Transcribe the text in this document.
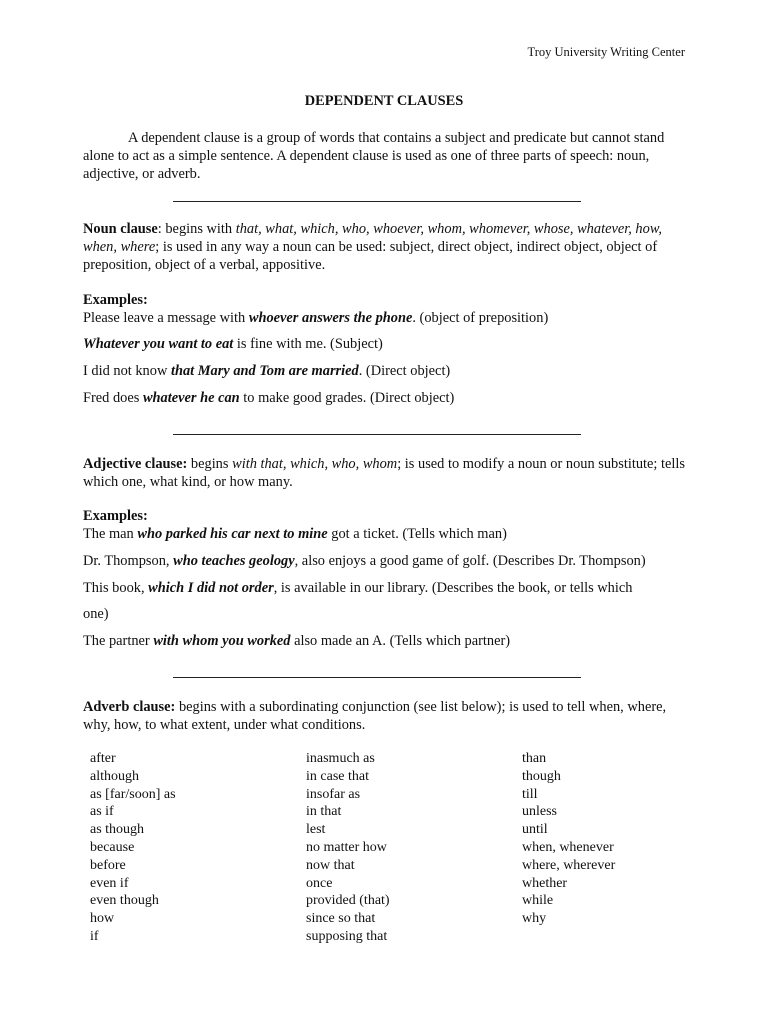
Troy University Writing Center
DEPENDENT CLAUSES
A dependent clause is a group of words that contains a subject and predicate but cannot stand alone to act as a simple sentence. A dependent clause is used as one of three parts of speech: noun, adjective, or adverb.
Noun clause: begins with that, what, which, who, whoever, whom, whomever, whose, whatever, how, when, where; is used in any way a noun can be used: subject, direct object, indirect object, object of preposition, object of a verbal, appositive.
Examples:
Please leave a message with whoever answers the phone. (object of preposition)
Whatever you want to eat is fine with me. (Subject)
I did not know that Mary and Tom are married. (Direct object)
Fred does whatever he can to make good grades. (Direct object)
Adjective clause: begins with that, which, who, whom; is used to modify a noun or noun substitute; tells which one, what kind, or how many.
Examples:
The man who parked his car next to mine got a ticket. (Tells which man)
Dr. Thompson, who teaches geology, also enjoys a good game of golf. (Describes Dr. Thompson)
This book, which I did not order, is available in our library. (Describes the book, or tells which
one)
The partner with whom you worked also made an A. (Tells which partner)
Adverb clause: begins with a subordinating conjunction (see list below); is used to tell when, where, why, how, to what extent, under what conditions.
after
although
as [far/soon] as
as if
as though
because
before
even if
even though
how
if
inasmuch as
in case that
insofar as
in that
lest
no matter how
now that
once
provided (that)
since so that
supposing that
than
though
till
unless
until
when, whenever
where, wherever
whether
while
why
